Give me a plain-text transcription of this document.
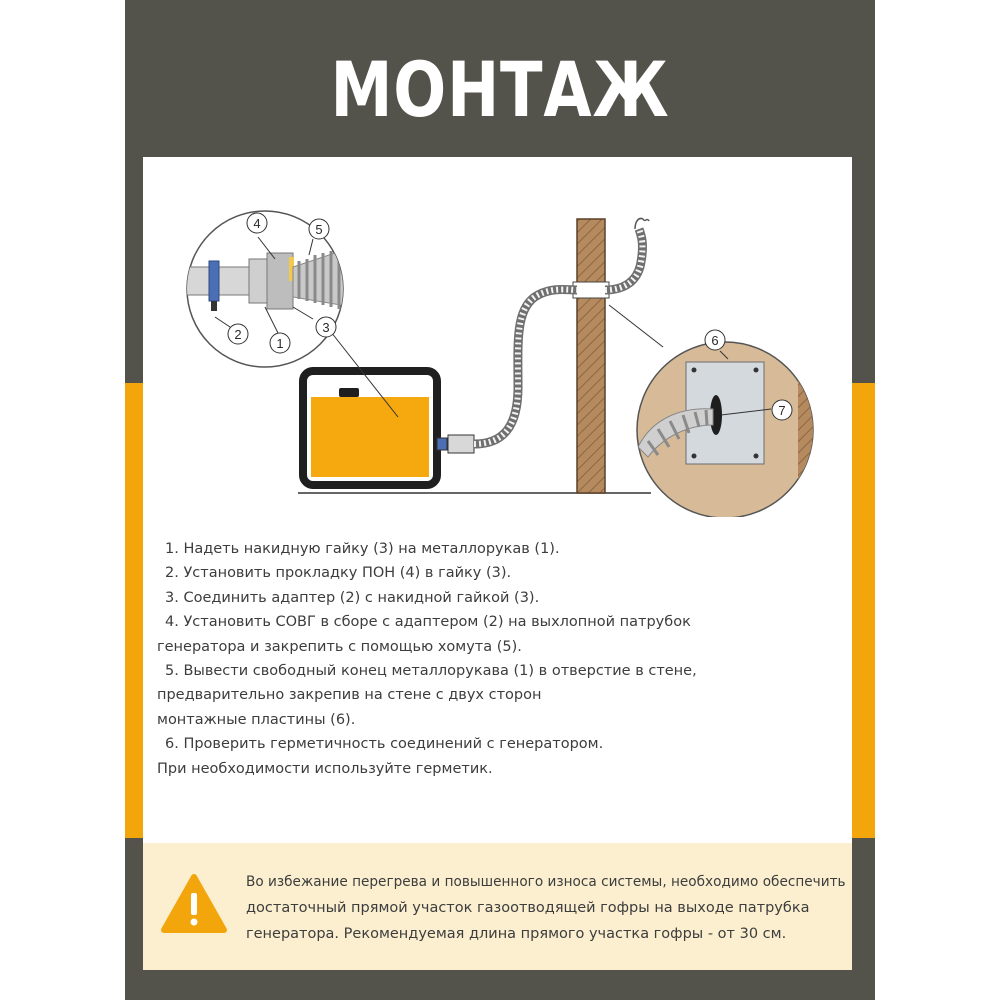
МОНТАЖ
4	5
2
1
3
6
7
1. Надеть накидную гайку (3) на металлорукав (1).
2. Установить прокладку ПОН (4) в гайку (3).
3. Соединить адаптер (2) с накидной гайкой (3).
4. Установить СОВГ в сборе с адаптером (2) на выхлопной патрубок
генератора и закрепить с помощью хомута (5).
5. Вывести свободный конец металлорукава (1) в отверстие в стене,
предварительно закрепив на стене с двух сторон
монтажные пластины (6).
6. Проверить герметичность соединений с генератором.
При необходимости используйте герметик.
Во избежание перегрева и повышенного износа системы, необходимо обеспечить
достаточный прямой участок газоотводящей гофры на выходе патрубка
генератора. Рекомендуемая длина прямого участка гофры - от 30 см.
